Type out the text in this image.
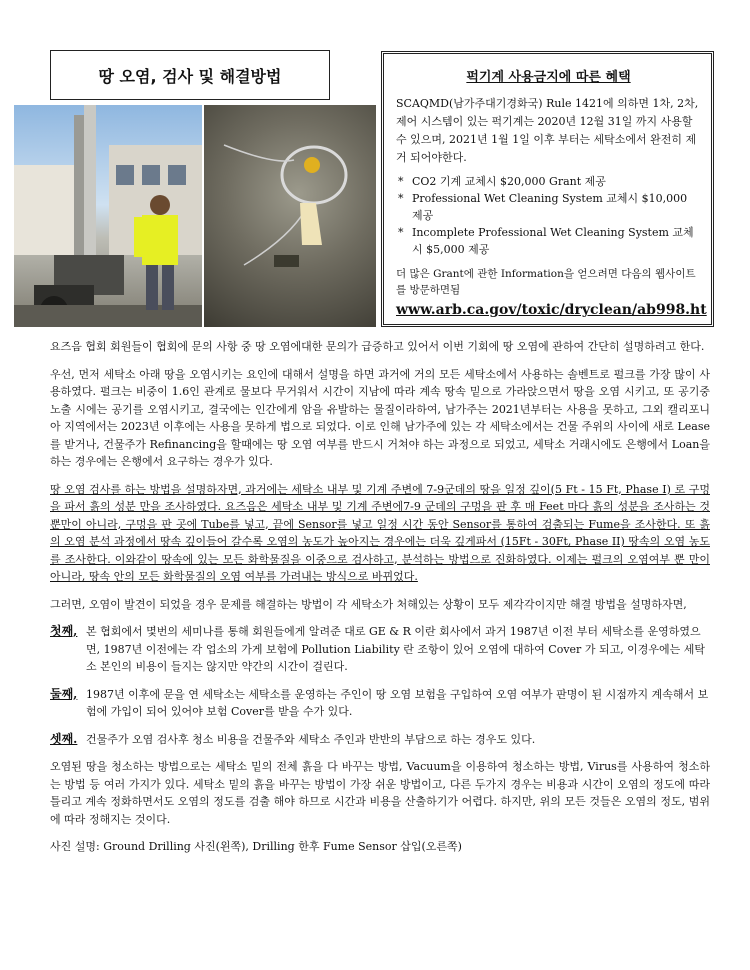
땅 오염, 검사 및 해결방법	퍽기계 사용금지에 따른 혜택

SCAQMD(남가주대기경화국) Rule 1421에 의하면 1차, 2차, 제어 시스템이 있는 퍽기계는 2020년 12월 31일 까지 사용할 수 있으며, 2021년 1월 1일 이후 부터는 세탁소에서 완전히 제거 되어야한다.

* CO2 기계 교체시 $20,000 Grant 제공
* Professional Wet Cleaning System 교체시 $10,000 제공
* Incomplete Professional Wet Cleaning System 교체시 $5,000 제공

더 많은 Grant에 관한 Information을 얻으려면 다음의 웹사이트를 방문하면됨

www.arb.ca.gov/toxic/dryclean/ab998.ht

요즈음 협회 회원들이 협회에 문의 사항 중 땅 오염에대한 문의가 급증하고 있어서 이번 기회에 땅 오염에 관하여 간단히 설명하려고 한다.

우선, 먼저 세탁소 아래 땅을 오염시키는 요인에 대해서 설명을 하면 과거에 거의 모든 세탁소에서 사용하는 솔벤트로 펄크를 가장 많이 사용하였다. 펄크는 비중이 1.6인 관계로 물보다 무거워서 시간이 지남에 따라 계속 땅속 밑으로 가라앉으면서 땅을 오염 시키고, 또 공기중 노출 시에는 공기를 오염시키고, 결국에는 인간에게 암을 유발하는 물질이라하여, 남가주는 2021년부터는 사용을 못하고, 그외 캘리포니아 지역에서는 2023년 이후에는 사용을 못하게 법으로 되었다. 이로 인해 남가주에 있는 각 세탁소에서는 건물 주위의 사이에 새로 Lease 를 받거나, 건물주가 Refinancing을 할때에는 땅 오염 여부를 반드시 거쳐야 하는 과정으로 되었고, 세탁소 거래시에도 은행에서 Loan을 하는 경우에는 은행에서 요구하는 경우가 있다.

땅 오염 검사를 하는 방법을 설명하자면, 과거에는 세탁소 내부 및 기계 주변에 7-9군데의 땅을 일정 깊이(5 Ft - 15 Ft, Phase I) 로 구멍을 파서 흙의 성분 만을 조사하였다. 요즈음은 세탁소 내부 및 기계 주변에7-9 군데의 구멍을 판 후 매 Feet 마다 흙의 성분을 조사하는 것 뿐만이 아니라, 구멍을 판 곳에 Tube를 넣고, 끝에 Sensor를 넣고 일정 시간 동안 Sensor를 통하여 검출되는 Fume을 조사한다. 또 흙의 오염 분석 과정에서 땅속 깊이들어 갈수록 오염의 농도가 높아지는 경우에는 더욱 깊게파서 (15Ft - 30Ft, Phase II) 땅속의 오염 농도를 조사한다. 이와같이 땅속에 있는 모든 화학물질을 이중으로 검사하고, 분석하는 방법으로 진화하였다. 이제는 펄크의 오염여부 뿐 만이아니라, 땅속 안의 모든 화학물질의 오염 여부를 가려내는 방식으로 바뀌었다.

그러면, 오염이 발견이 되었을 경우 문제를 해결하는 방법이 각 세탁소가 처해있는 상황이 모두 제각각이지만 해결 방법을 설명하자면,

첫째, 본 협회에서 몇번의 세미나를 통해 회원들에게 알려준 대로 GE & R 이란 회사에서 과거 1987년 이전 부터 세탁소를 운영하였으면, 1987년 이전에는 각 업소의 가게 보험에 Pollution Liability 란 조항이 있어 오염에 대하여 Cover 가 되고, 이경우에는 세탁소 본인의 비용이 들지는 않지만 약간의 시간이 걸린다.
둘째, 1987년 이후에 문을 연 세탁소는 세탁소를 운영하는 주인이 땅 오염 보험을 구입하여 오염 여부가 판명이 된 시점까지 계속해서 보험에 가입이 되어 있어야 보험 Cover를 받을 수가 있다.
셋째. 건물주가 오염 검사후 청소 비용을 건물주와 세탁소 주인과 반반의 부담으로 하는 경우도 있다.

오염된 땅을 청소하는 방법으로는 세탁소 밑의 전체 흙을 다 바꾸는 방법, Vacuum을 이용하여 청소하는 방법, Virus를 사용하여 청소하는 방법 등 여러 가지가 있다. 세탁소 밑의 흙을 바꾸는 방법이 가장 쉬운 방법이고, 다른 두가지 경우는 비용과 시간이 오염의 정도에 따라 틀리고 계속 정화하면서도 오염의 정도를 검출 해야 하므로 시간과 비용을 산출하기가 어렵다. 하지만, 위의 모든 것들은 오염의 정도, 범위에 따라 정해지는 것이다.

사진 설명: Ground Drilling 사진(왼쪽), Drilling 한후 Fume Sensor 삽입(오른쪽)
